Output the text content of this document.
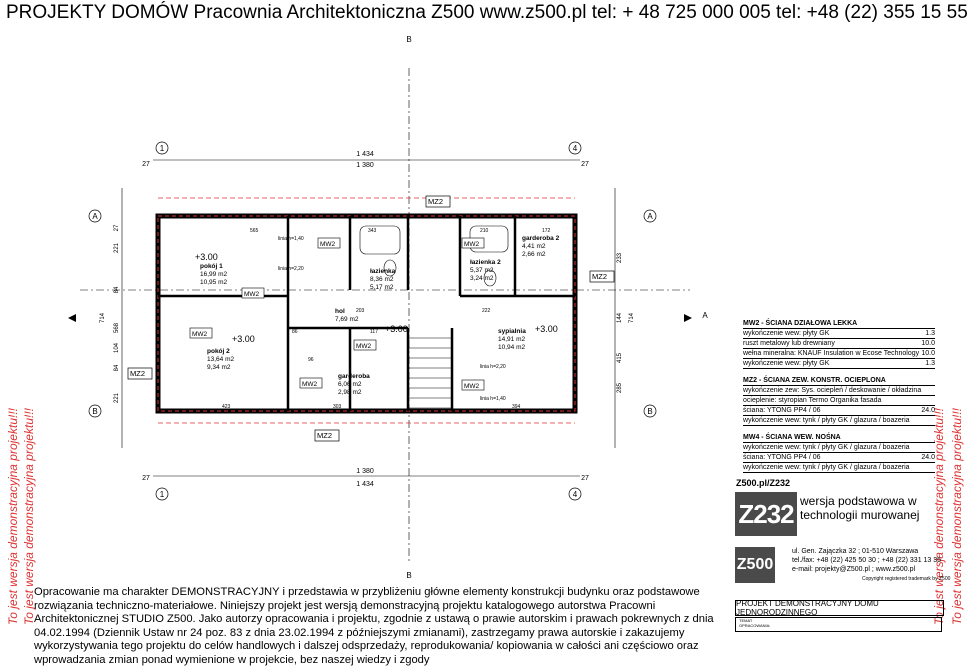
PROJEKTY DOMÓW Pracownia Architektoniczna Z500 www.z500.pl tel: + 48 725 000 005 tel: +48 (22) 355 15 55
To jest wersja demonstracyjna projektu!!! To jest wersja demonstracyjna projektu!!!	To jest wersja demonstracyjna projektu!!! To jest wersja demonstracyjna projektu!!!
1	4
1	4
A
B
A
B
B
B
A
1 434
1 380
1 380
1 434
27	27
27	27
27
221
84
568
104
84
221
714
233
144
415
285
714
pokój 1
16,99 m2
10,95 m2
pokój 2
13,64 m2
9,34 m2
hol
7,69 m2
łazienka
8,36 m2
5,17 m2
garderoba
6,06 m2
2,98 m2
łazienka 2
5,37 m2
3,24 m2
garderoba 2
4,41 m2
2,66 m2
sypialnia
14,91 m2
10,94 m2
+3.00
+3.00
+3.00	+3.00
MW2
MW2
MW2
MW2
MW2
MW2
MW2
MZ2
MZ2
MZ2
MZ2
linia h=1,40
linia h=2,20
linia h=2,20
linia h=1,40
565
423	303	394
343	172
210
222
203
96
117
86
MW2 - ŚCIANA DZIAŁOWA LEKKA
wykończenie wew: płyty GK	1.3
ruszt metalowy lub drewniany	10.0
wełna mineralna: KNAUF Insulation w Ecose Technology 10.0
wykończenie wew: płyty GK	1.3
MZ2 - ŚCIANA ZEW. KONSTR. OCIEPLONA
wykończenie zew: Sys. ociepleń / deskowanie / okładzina
ocieplenie: styropian Termo Organika fasada
ściana: YTONG PP4 / 06	24.0
wykończenie wew: tynk / płyty GK / glazura / boazeria
MW4 - ŚCIANA WEW. NOŚNA
wykończenie wew: tynk / płyty GK / glazura / boazeria
ściana: YTONG PP4 / 06	24.0
wykończenie wew: tynk / płyty GK / glazura / boazeria
Z500.pl/Z232
Z232 wersja podstawowa w technologii murowanej
Z500
ul. Gen. Zajączka 32 ; 01-510 Warszawa
tel./fax: +48 (22) 425 50 30 ; +48 (22) 331 13 35
e-mail: projekty@Z500.pl ; www.z500.pl
Copyright registered trademark by Z500
PROJEKT DEMONSTRACYJNY DOMU JEDNORODZINNEGO
TEMAT
OPRACOWANIA:
Opracowanie ma charakter DEMONSTRACYJNY i przedstawia w przybliżeniu główne elementy konstrukcji budynku oraz podstawowe rozwiązania techniczno-materiałowe. Niniejszy projekt jest wersją demonstracyjną projektu katalogowego autorstwa Pracowni Architektonicznej STUDIO Z500. Jako autorzy opracowania i projektu, zgodnie z ustawą o prawie autorskim i prawach pokrewnych z dnia 04.02.1994 (Dziennik Ustaw nr 24 poz. 83 z dnia 23.02.1994 z późniejszymi zmianami), zastrzegamy prawa autorskie i zakazujemy wykorzystywania tego projektu do celów handlowych i dalszej odsprzedaży, reprodukowania/ kopiowania w całości ani częściowo oraz wprowadzania zmian ponad wymienione w projekcie, bez naszej wiedzy i zgody
